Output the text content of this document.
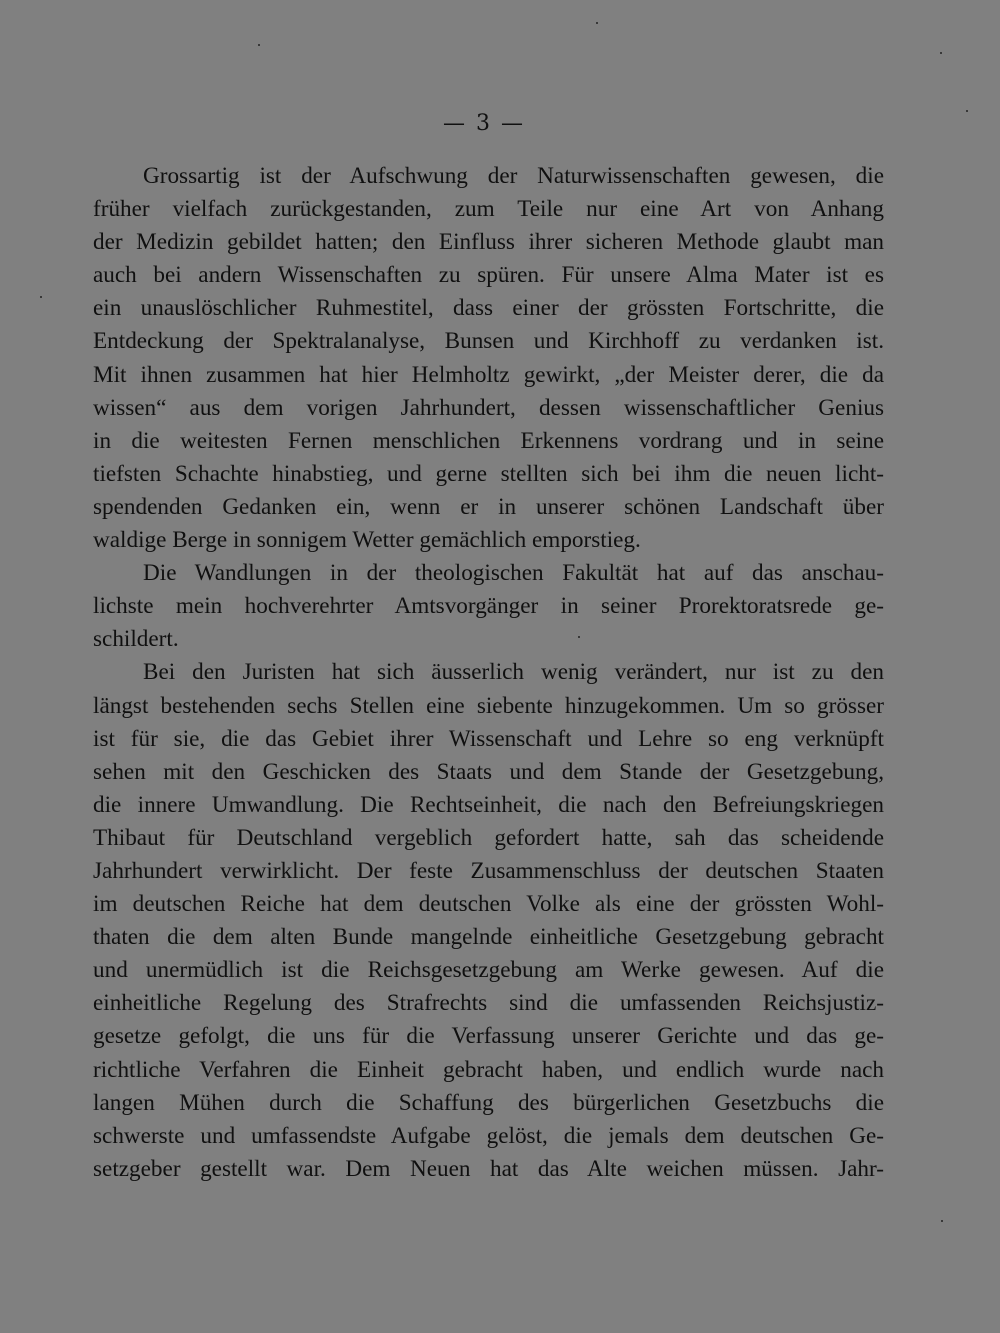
— 3 —
Grossartig ist der Aufschwung der Naturwissenschaften gewesen, die
früher vielfach zurückgestanden, zum Teile nur eine Art von Anhang
der Medizin gebildet hatten; den Einfluss ihrer sicheren Methode glaubt man
auch bei andern Wissenschaften zu spüren. Für unsere Alma Mater ist es
ein unauslöschlicher Ruhmestitel, dass einer der grössten Fortschritte, die
Entdeckung der Spektralanalyse, Bunsen und Kirchhoff zu verdanken ist.
Mit ihnen zusammen hat hier Helmholtz gewirkt, „der Meister derer, die da
wissen“ aus dem vorigen Jahrhundert, dessen wissenschaftlicher Genius
in die weitesten Fernen menschlichen Erkennens vordrang und in seine
tiefsten Schachte hinabstieg, und gerne stellten sich bei ihm die neuen licht-
spendenden Gedanken ein, wenn er in unserer schönen Landschaft über
waldige Berge in sonnigem Wetter gemächlich emporstieg.
Die Wandlungen in der theologischen Fakultät hat auf das anschau-
lichste mein hochverehrter Amtsvorgänger in seiner Prorektoratsrede ge-
schildert.
Bei den Juristen hat sich äusserlich wenig verändert, nur ist zu den
längst bestehenden sechs Stellen eine siebente hinzugekommen. Um so grösser
ist für sie, die das Gebiet ihrer Wissenschaft und Lehre so eng verknüpft
sehen mit den Geschicken des Staats und dem Stande der Gesetzgebung,
die innere Umwandlung. Die Rechtseinheit, die nach den Befreiungskriegen
Thibaut für Deutschland vergeblich gefordert hatte, sah das scheidende
Jahrhundert verwirklicht. Der feste Zusammenschluss der deutschen Staaten
im deutschen Reiche hat dem deutschen Volke als eine der grössten Wohl-
thaten die dem alten Bunde mangelnde einheitliche Gesetzgebung gebracht
und unermüdlich ist die Reichsgesetzgebung am Werke gewesen. Auf die
einheitliche Regelung des Strafrechts sind die umfassenden Reichsjustiz-
gesetze gefolgt, die uns für die Verfassung unserer Gerichte und das ge-
richtliche Verfahren die Einheit gebracht haben, und endlich wurde nach
langen Mühen durch die Schaffung des bürgerlichen Gesetzbuchs die
schwerste und umfassendste Aufgabe gelöst, die jemals dem deutschen Ge-
setzgeber gestellt war. Dem Neuen hat das Alte weichen müssen. Jahr-
